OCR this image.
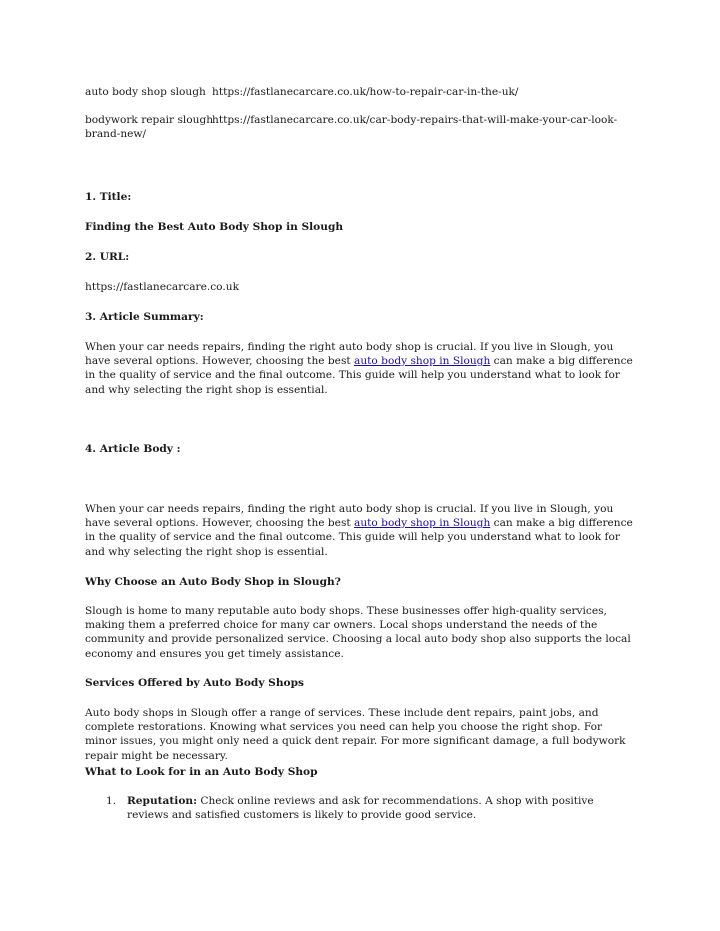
auto body shop slough https://fastlanecarcare.co.uk/how-to-repair-car-in-the-uk/
bodywork repair slough
https://fastlanecarcare.co.uk/car-body-repairs-that-will-make-your-car-look-brand-new/
1. Title:
Finding the Best Auto Body Shop in Slough
2. URL:
https://fastlanecarcare.co.uk
3. Article Summary:

When your car needs repairs, finding the right auto body shop is crucial. If you live in Slough, you have several options. However, choosing the best auto body shop in Slough can make a big difference in the quality of service and the final outcome. This guide will help you understand what to look for and why selecting the right shop is essential.

4. Article Body :

When your car needs repairs, finding the right auto body shop is crucial. If you live in Slough, you have several options. However, choosing the best auto body shop in Slough can make a big difference in the quality of service and the final outcome. This guide will help you understand what to look for and why selecting the right shop is essential.

Why Choose an Auto Body Shop in Slough?

Slough is home to many reputable auto body shops. These businesses offer high-quality services, making them a preferred choice for many car owners. Local shops understand the needs of the community and provide personalized service. Choosing a local auto body shop also supports the local economy and ensures you get timely assistance.

Services Offered by Auto Body Shops

Auto body shops in Slough offer a range of services. These include dent repairs, paint jobs, and complete restorations. Knowing what services you need can help you choose the right shop. For minor issues, you might only need a quick dent repair. For more significant damage, a full bodywork repair might be necessary.

What to Look for in an Auto Body Shop
1. Reputation: Check online reviews and ask for recommendations. A shop with positive reviews and satisfied customers is likely to provide good service.
